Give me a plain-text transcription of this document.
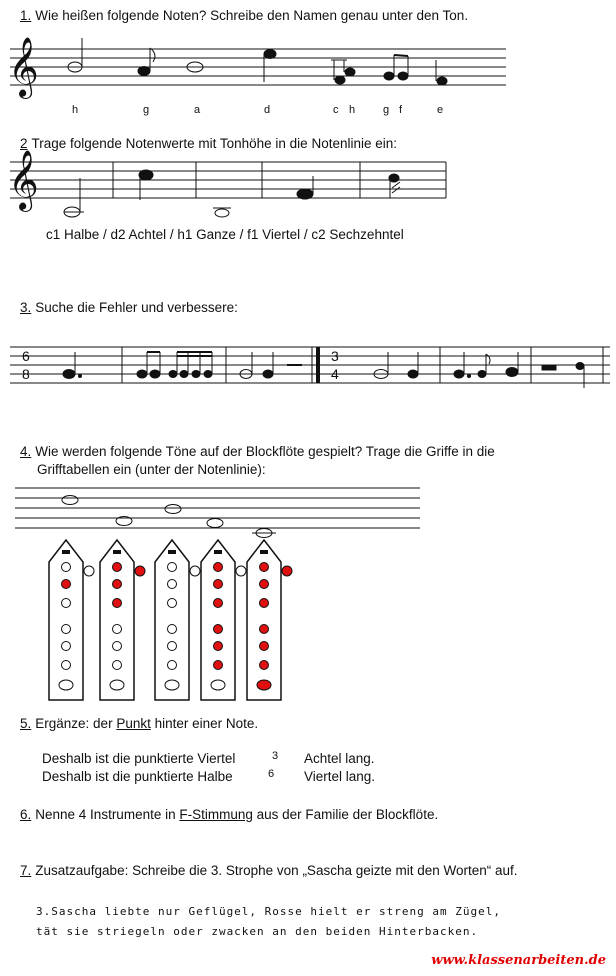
1. Wie heißen folgende Noten? Schreibe den Namen genau unter den Ton.
2 Trage folgende Notenwerte mit Tonhöhe in die Notenlinie ein:
c1 Halbe / d2 Achtel / h1 Ganze / f1 Viertel / c2 Sechzehntel
3. Suche die Fehler und verbessere:
4. Wie werden folgende Töne auf der Blockflöte gespielt? Trage die Griffe in die
Grifftabellen ein (unter der Notenlinie):
5. Ergänze: der Punkt hinter einer Note.
Deshalb ist die punktierte Viertel	3 Achtel lang.
Deshalb ist die punktierte Halbe	6 Viertel lang.
6. Nenne 4 Instrumente in F-Stimmung aus der Familie der Blockflöte.
7. Zusatzaufgabe: Schreibe die 3. Strophe von „Sascha geizte mit den Worten“ auf.
3.Sascha liebte nur Geflügel, Rosse hielt er streng am Zügel,
tät sie striegeln oder zwacken an den beiden Hinterbacken.
www.klassenarbeiten.de
h	g	a	d	c h	g f	e
𝄞
𝄞
6
8
3
4
